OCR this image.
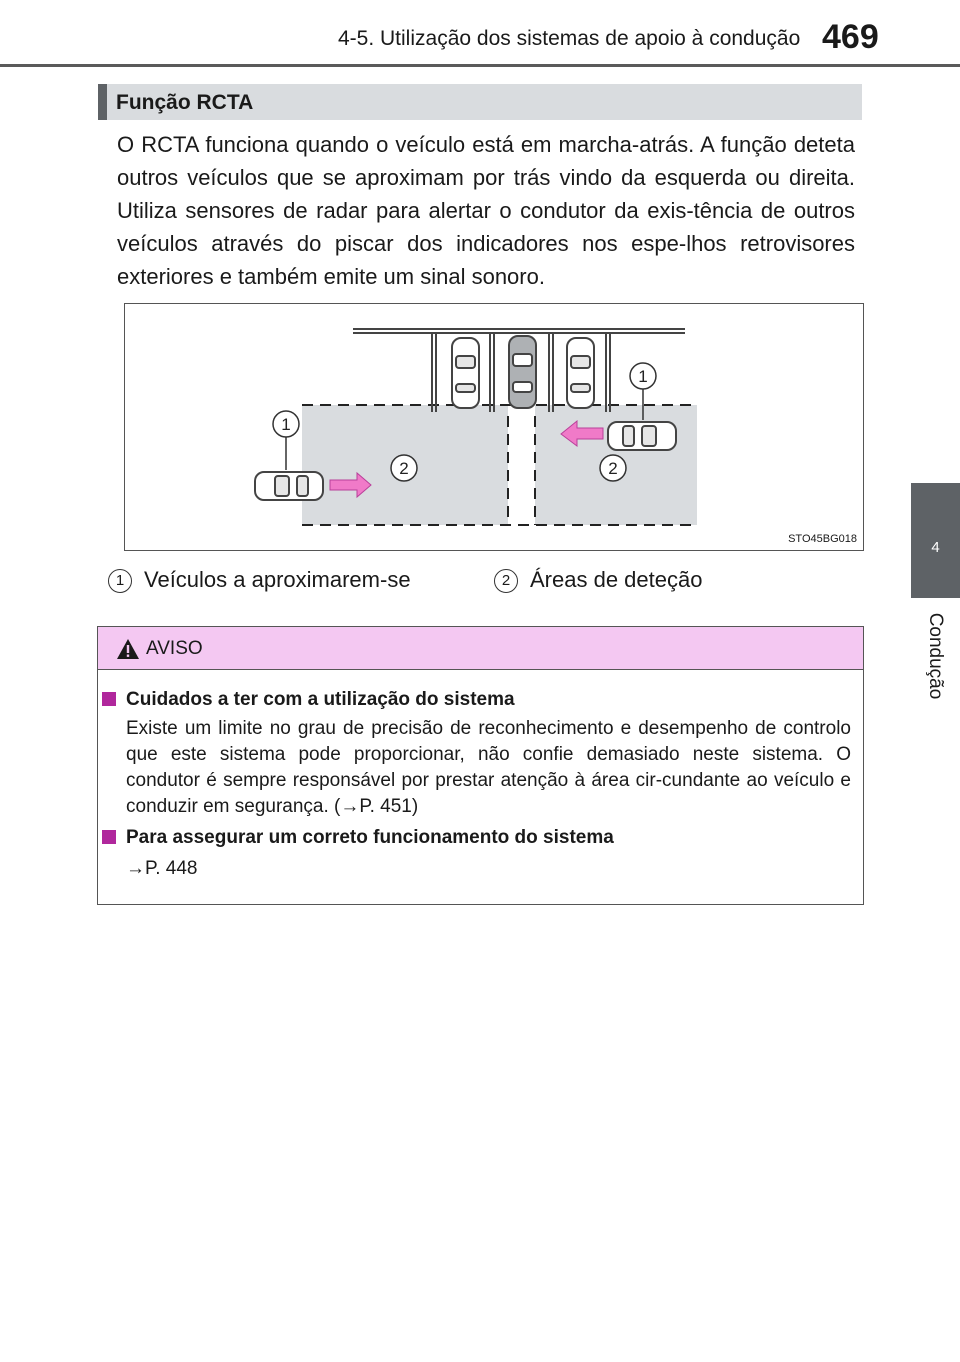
4-5. Utilização dos sistemas de apoio à condução 469
4
Condução
Função RCTA
O RCTA funciona quando o veículo está em marcha-atrás. A função deteta outros veículos que se aproximam por trás vindo da esquerda ou direita. Utiliza sensores de radar para alertar o condutor da exis-tência de outros veículos através do piscar dos indicadores nos espe-lhos retrovisores exteriores e também emite um sinal sonoro.
1
1
2	2
STO45BG018
1 Veículos a aproximarem-se	2 Áreas de deteção
AVISO
Cuidados a ter com a utilização do sistema
Existe um limite no grau de precisão de reconhecimento e desempenho de controlo que este sistema pode proporcionar, não confie demasiado neste sistema. O condutor é sempre responsável por prestar atenção à área cir-cundante ao veículo e conduzir em segurança. (→P. 451)
Para assegurar um correto funcionamento do sistema
→P. 448
